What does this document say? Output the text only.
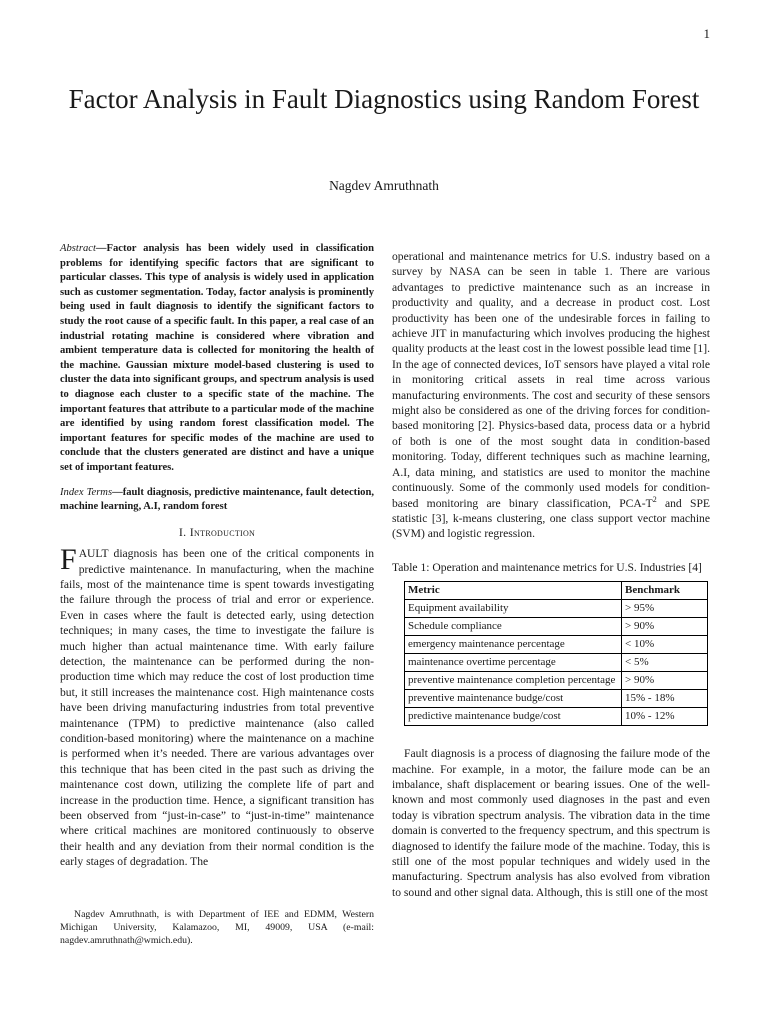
1
Factor Analysis in Fault Diagnostics using Random Forest
Nagdev Amruthnath

Abstract—Factor analysis has been widely used in classification problems for identifying specific factors that are significant to particular classes. This type of analysis is widely used in application such as customer segmentation. Today, factor analysis is prominently being used in fault diagnosis to identify the significant factors to study the root cause of a specific fault. In this paper, a real case of an industrial rotating machine is considered where vibration and ambient temperature data is collected for monitoring the health of the machine. Gaussian mixture model-based clustering is used to cluster the data into significant groups, and spectrum analysis is used to diagnose each cluster to a specific state of the machine. The important features that attribute to a particular mode of the machine are identified by using random forest classification model. The important features for specific modes of the machine are used to conclude that the clusters generated are distinct and have a unique set of important features.

Index Terms—fault diagnosis, predictive maintenance, fault detection, machine learning, A.I, random forest

I. Introduction

FAULT diagnosis has been one of the critical components in predictive maintenance. In manufacturing, when the machine fails, most of the maintenance time is spent towards investigating the failure through the process of trial and error or experience. Even in cases where the fault is detected early, using detection techniques; in many cases, the time to investigate the failure is much higher than actual maintenance time. With early failure detection, the maintenance can be performed during the non-production time which may reduce the cost of lost production time but, it still increases the maintenance cost. High maintenance costs have been driving manufacturing industries from total preventive maintenance (TPM) to predictive maintenance (also called condition-based monitoring) where the maintenance on a machine is performed when it’s needed. There are various advantages over this technique that has been cited in the past such as driving the maintenance cost down, utilizing the complete life of part and increase in the production time. Hence, a significant transition has been observed from “just-in-case” to “just-in-time” maintenance where critical machines are monitored continuously to observe their health and any deviation from their normal condition is the early stages of degradation. The

Nagdev Amruthnath, is with Department of IEE and EDMM, Western Michigan University, Kalamazoo, MI, 49009, USA (e-mail: nagdev.amruthnath@wmich.edu).

operational and maintenance metrics for U.S. industry based on a survey by NASA can be seen in table 1. There are various advantages to predictive maintenance such as an increase in productivity and quality, and a decrease in product cost. Lost productivity has been one of the undesirable forces in failing to achieve JIT in manufacturing which involves producing the highest quality products at the least cost in the lowest possible lead time [1]. In the age of connected devices, IoT sensors have played a vital role in monitoring critical assets in real time across various manufacturing environments. The cost and security of these sensors might also be considered as one of the driving forces for condition-based monitoring [2]. Physics-based data, process data or a hybrid of both is one of the most sought data in condition-based monitoring. Today, different techniques such as machine learning, A.I, data mining, and statistics are used to monitor the machine continuously. Some of the commonly used models for condition-based monitoring are binary classification, PCA-$T^2$ and SPE statistic [3], k-means clustering, one class support vector machine (SVM) and logistic regression.

Table 1: Operation and maintenance metrics for U.S. Industries [4]

Metric	Benchmark
Equipment availability	> 95%
Schedule compliance	> 90%
emergency maintenance percentage	< 10%
maintenance overtime percentage	< 5%
preventive maintenance completion percentage	> 90%
preventive maintenance budge/cost	15% - 18%
predictive maintenance budge/cost	10% - 12%

Fault diagnosis is a process of diagnosing the failure mode of the machine. For example, in a motor, the failure mode can be an imbalance, shaft displacement or bearing issues. One of the well-known and most commonly used diagnoses in the past and even today is vibration spectrum analysis. The vibration data in the time domain is converted to the frequency spectrum, and this spectrum is diagnosed to identify the failure mode of the machine. Today, this is still one of the most popular techniques and widely used in the manufacturing. Spectrum analysis has also evolved from vibration to sound and other signal data. Although, this is still one of the most
